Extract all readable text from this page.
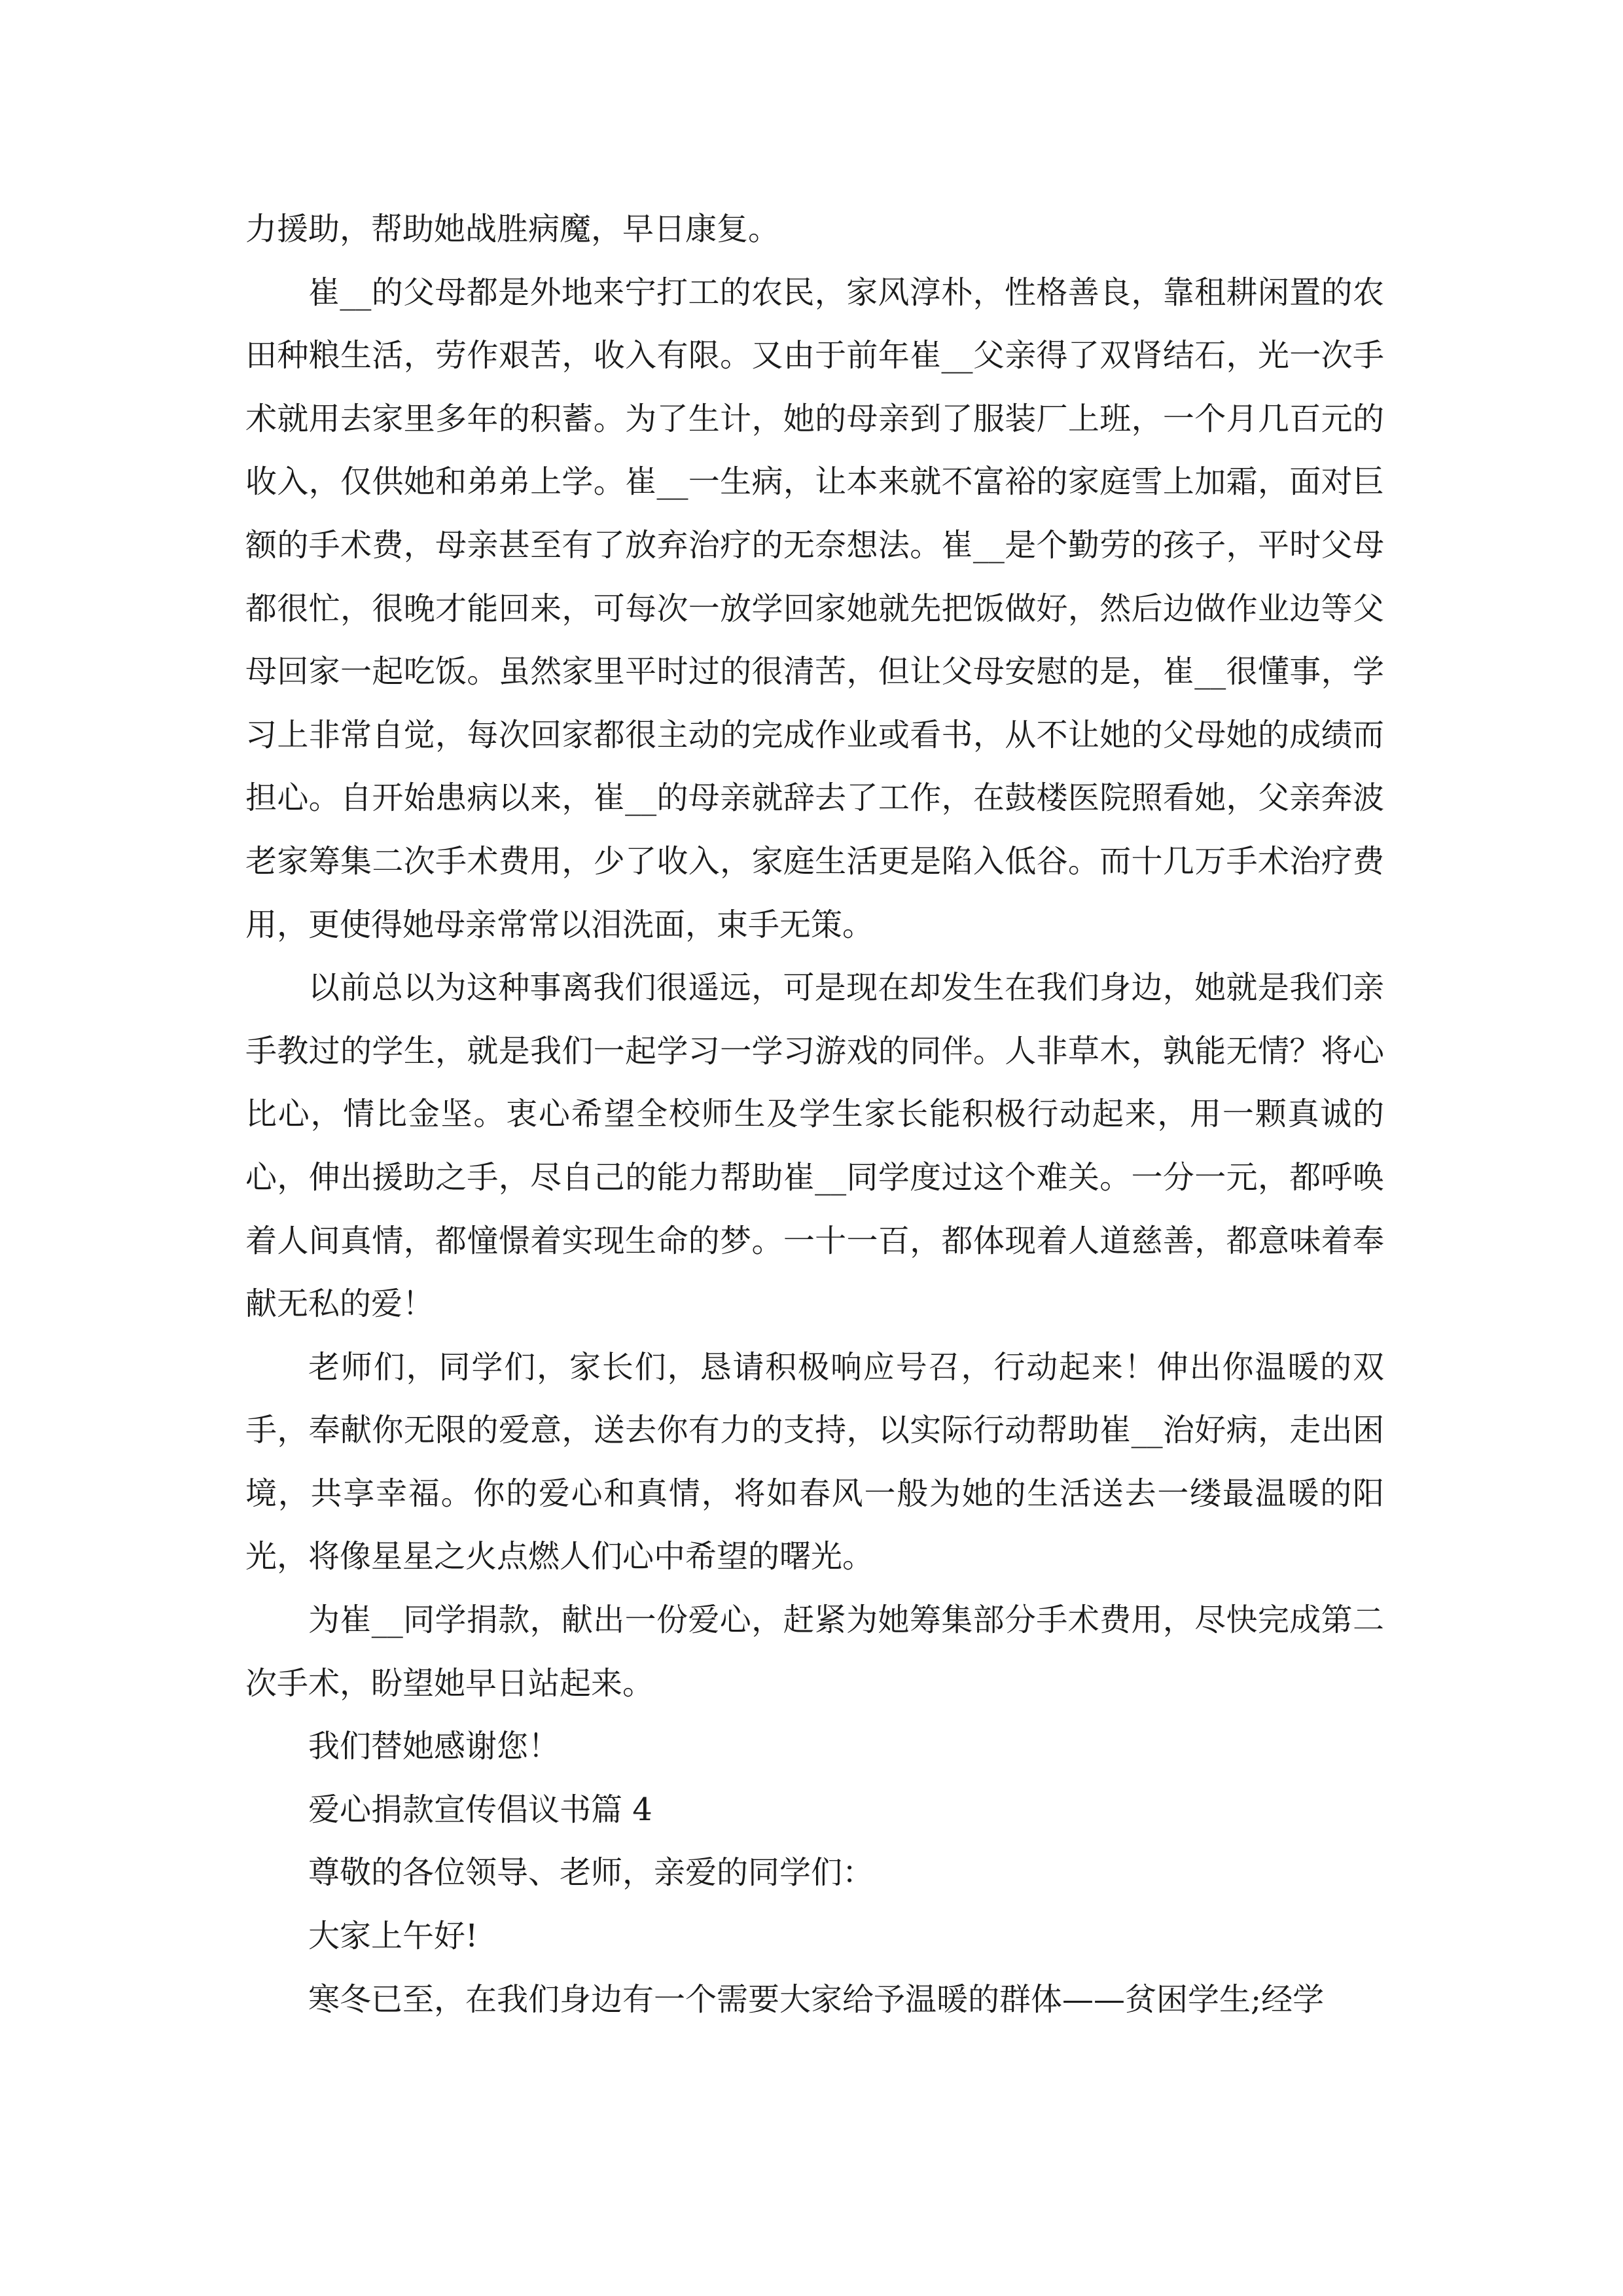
力援助，帮助她战胜病魔，早日康复。

崔__的父母都是外地来宁打工的农民，家风淳朴，性格善良，靠租耕闲置的农田种粮生活，劳作艰苦，收入有限。又由于前年崔__父亲得了双肾结石，光一次手术就用去家里多年的积蓄。为了生计，她的母亲到了服装厂上班，一个月几百元的收入，仅供她和弟弟上学。崔__一生病，让本来就不富裕的家庭雪上加霜，面对巨额的手术费，母亲甚至有了放弃治疗的无奈想法。崔__是个勤劳的孩子，平时父母都很忙，很晚才能回来，可每次一放学回家她就先把饭做好，然后边做作业边等父母回家一起吃饭。虽然家里平时过的很清苦，但让父母安慰的是，崔__很懂事，学习上非常自觉，每次回家都很主动的完成作业或看书，从不让她的父母她的成绩而担心。自开始患病以来，崔__的母亲就辞去了工作，在鼓楼医院照看她，父亲奔波老家筹集二次手术费用，少了收入，家庭生活更是陷入低谷。而十几万手术治疗费用，更使得她母亲常常以泪洗面，束手无策。

以前总以为这种事离我们很遥远，可是现在却发生在我们身边，她就是我们亲手教过的学生，就是我们一起学习一学习游戏的同伴。人非草木，孰能无情？将心比心，情比金坚。衷心希望全校师生及学生家长能积极行动起来，用一颗真诚的心，伸出援助之手，尽自己的能力帮助崔__同学度过这个难关。一分一元，都呼唤着人间真情，都憧憬着实现生命的梦。一十一百，都体现着人道慈善，都意味着奉献无私的爱！

老师们，同学们，家长们，恳请积极响应号召，行动起来！伸出你温暖的双手，奉献你无限的爱意，送去你有力的支持，以实际行动帮助崔__治好病，走出困境，共享幸福。你的爱心和真情，将如春风一般为她的生活送去一缕最温暖的阳光，将像星星之火点燃人们心中希望的曙光。

为崔__同学捐款，献出一份爱心，赶紧为她筹集部分手术费用，尽快完成第二次手术，盼望她早日站起来。

我们替她感谢您！

爱心捐款宣传倡议书篇 4

尊敬的各位领导、老师，亲爱的同学们：

大家上午好!

寒冬已至，在我们身边有一个需要大家给予温暖的群体——贫困学生;经学
